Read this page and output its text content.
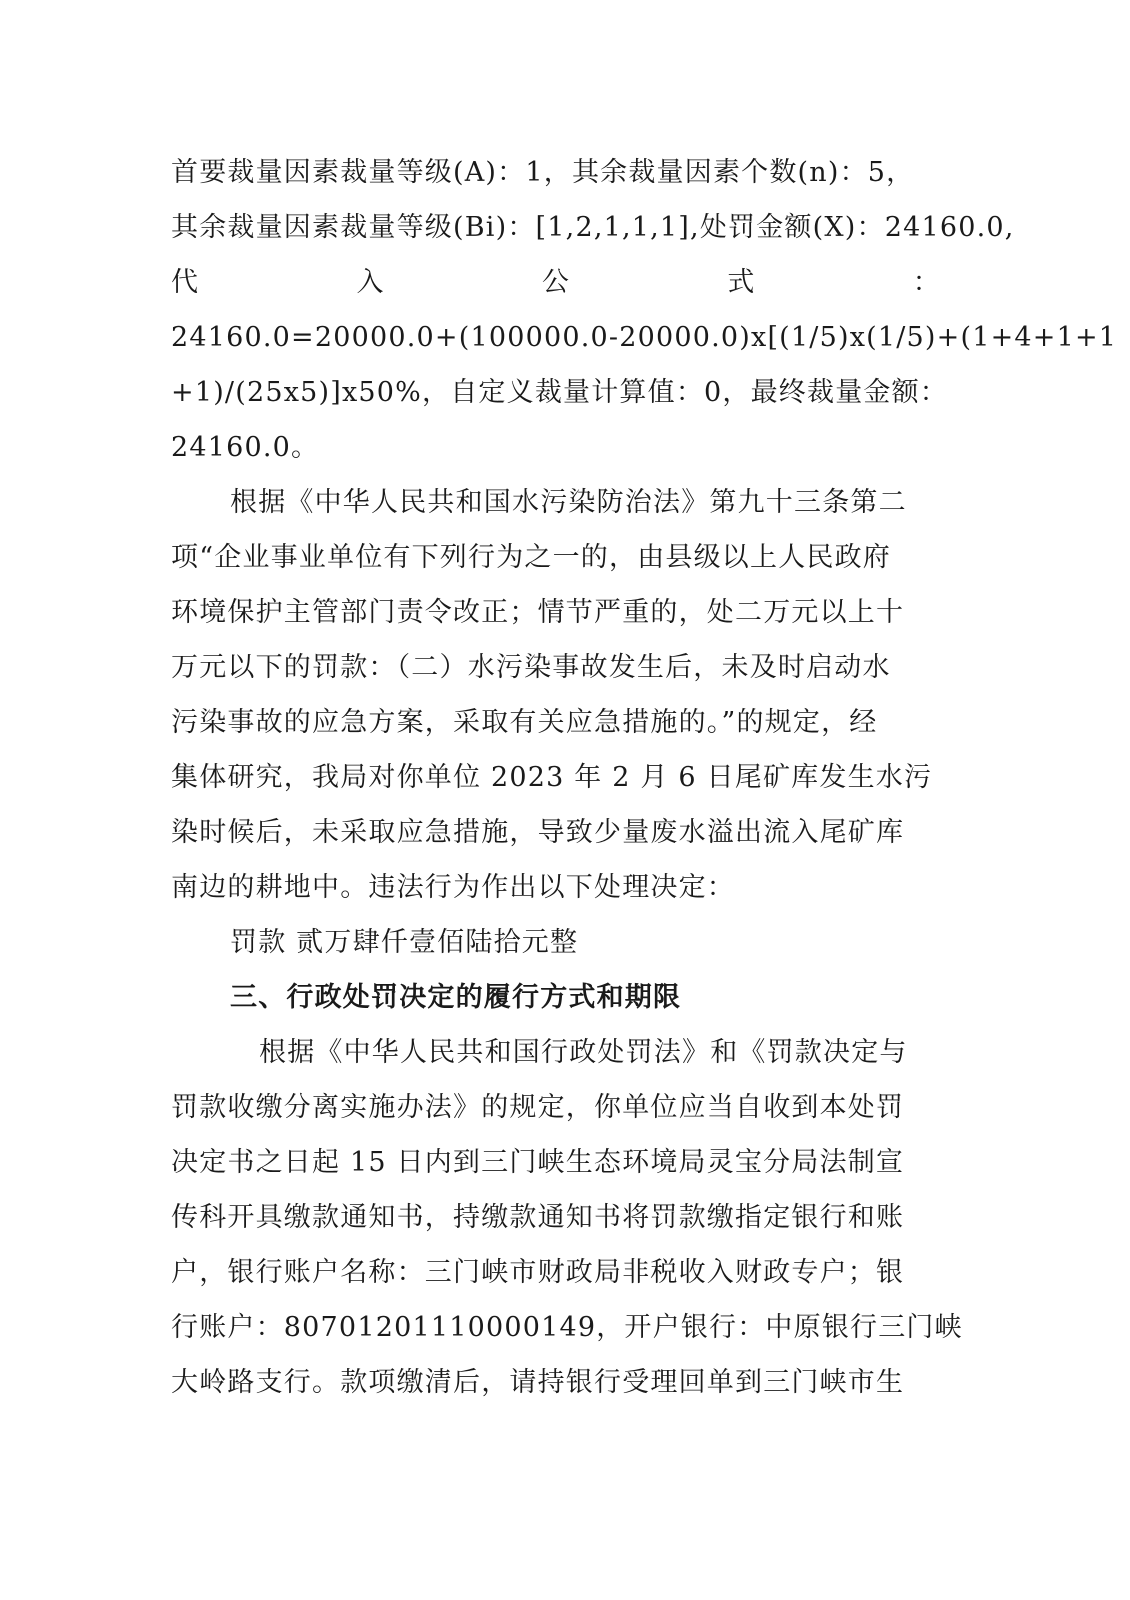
首要裁量因素裁量等级(A)：1，其余裁量因素个数(n)：5，
其余裁量因素裁量等级(Bi)：[1,2,1,1,1],处罚金额(X)：24160.0,
代	入	公	式	：
24160.0=20000.0+(100000.0-20000.0)x[(1/5)x(1/5)+(1+4+1+1
+1)/(25x5)]x50%，自定义裁量计算值：0，最终裁量金额：
24160.0。
根据《中华人民共和国水污染防治法》第九十三条第二
项“企业事业单位有下列行为之一的，由县级以上人民政府
环境保护主管部门责令改正；情节严重的，处二万元以上十
万元以下的罚款：（二）水污染事故发生后，未及时启动水
污染事故的应急方案，采取有关应急措施的。”的规定，经
集体研究，我局对你单位 2023 年 2 月 6 日尾矿库发生水污
染时候后，未采取应急措施，导致少量废水溢出流入尾矿库
南边的耕地中。违法行为作出以下处理决定：
罚款 贰万肆仟壹佰陆拾元整
三、行政处罚决定的履行方式和期限
根据《中华人民共和国行政处罚法》和《罚款决定与
罚款收缴分离实施办法》的规定，你单位应当自收到本处罚
决定书之日起 15 日内到三门峡生态环境局灵宝分局法制宣
传科开具缴款通知书，持缴款通知书将罚款缴指定银行和账
户，银行账户名称：三门峡市财政局非税收入财政专户；银
行账户：80701201110000149，开户银行：中原银行三门峡
大岭路支行。款项缴清后，请持银行受理回单到三门峡市生
